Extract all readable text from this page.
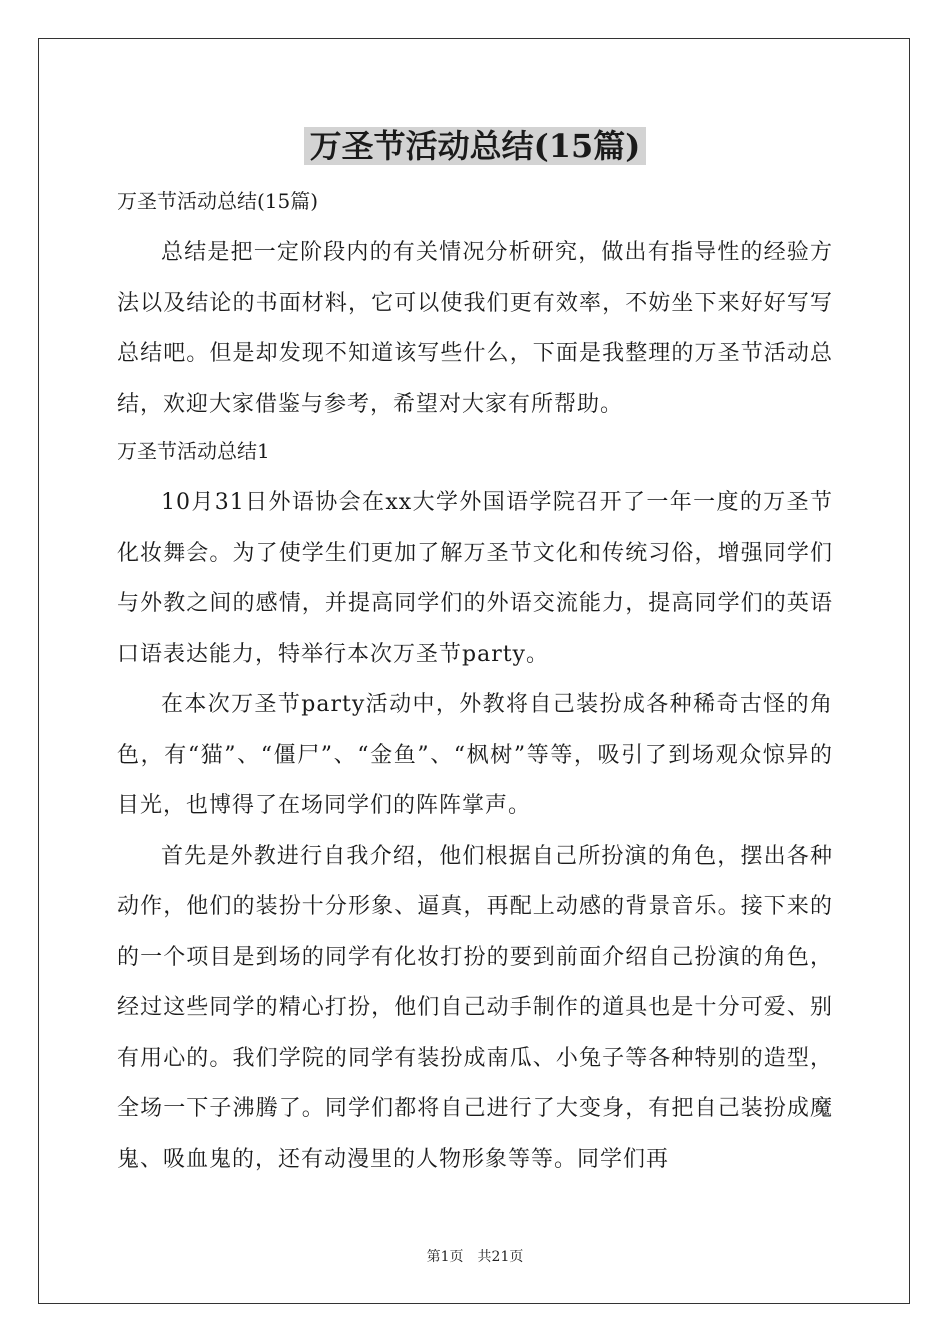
万圣节活动总结(15篇)

万圣节活动总结(15篇)

总结是把一定阶段内的有关情况分析研究，做出有指导性的经验方法以及结论的书面材料，它可以使我们更有效率，不妨坐下来好好写写总结吧。但是却发现不知道该写些什么，下面是我整理的万圣节活动总结，欢迎大家借鉴与参考，希望对大家有所帮助。

万圣节活动总结1

10月31日外语协会在xx大学外国语学院召开了一年一度的万圣节化妆舞会。为了使学生们更加了解万圣节文化和传统习俗，增强同学们与外教之间的感情，并提高同学们的外语交流能力，提高同学们的英语口语表达能力，特举行本次万圣节party。

在本次万圣节party活动中，外教将自己装扮成各种稀奇古怪的角色，有“猫”、“僵尸”、“金鱼”、“枫树”等等，吸引了到场观众惊异的目光，也博得了在场同学们的阵阵掌声。

首先是外教进行自我介绍，他们根据自己所扮演的角色，摆出各种动作，他们的装扮十分形象、逼真，再配上动感的背景音乐。接下来的的一个项目是到场的同学有化妆打扮的要到前面介绍自己扮演的角色，经过这些同学的精心打扮，他们自己动手制作的道具也是十分可爱、别有用心的。我们学院的同学有装扮成南瓜、小兔子等各种特别的造型，全场一下子沸腾了。同学们都将自己进行了大变身，有把自己装扮成魔鬼、吸血鬼的，还有动漫里的人物形象等等。同学们再

第1页　共21页
